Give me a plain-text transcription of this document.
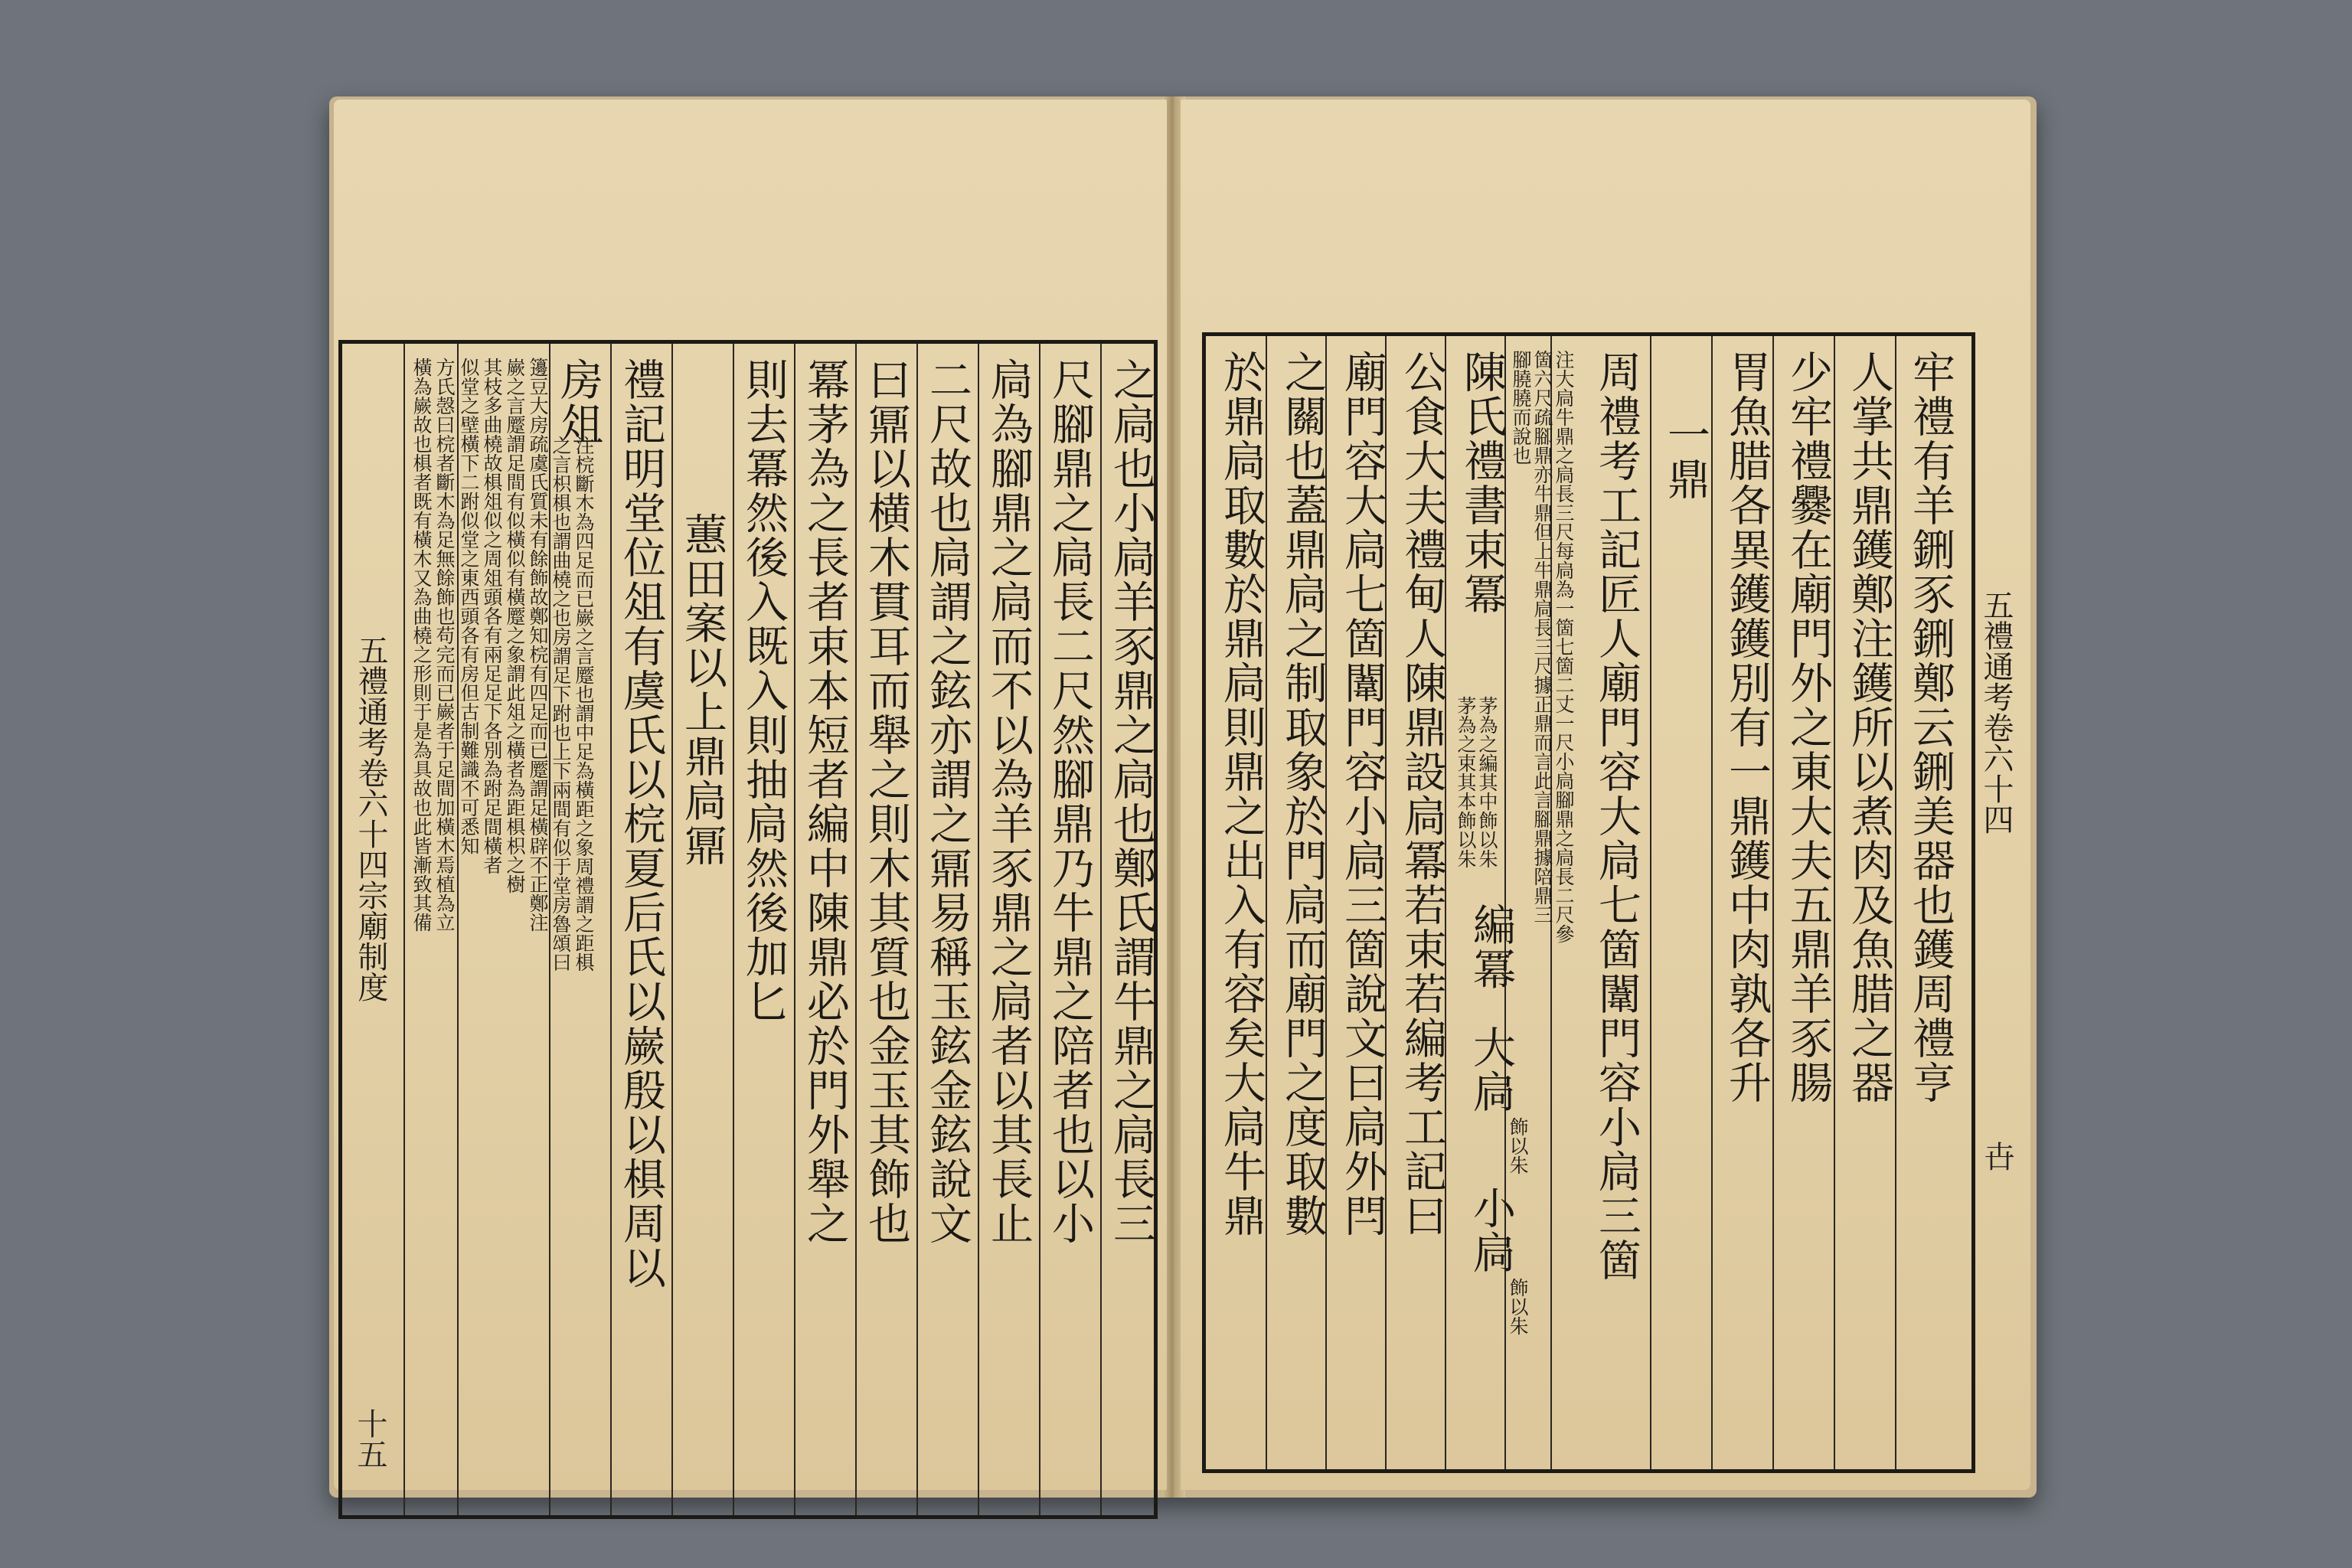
五禮通考卷六十四宗廟制度
十五
橫為嶡故也椇者既有橫木又為曲橈之形則于是為具故也此皆漸致其備 方氏愨曰梡者斷木為足無餘飾也苟完而已嶡者于足間加橫木焉植為立 似堂之壁橫下二跗似堂之東西頭各有房但古制難識不可悉知 其枝多曲橈故椇俎似之周俎頭各有兩足足下各別為跗足間橫者 嶡之言蹷謂足間有似橫似有橫蹷之象謂此俎之橫者為距椇枳之樹 籩豆大房疏虞氏質未有餘飾故鄭知梡有四足而已蹷謂足橫辟不正鄭注 之言枳椇也謂曲橈之也房謂足下跗也上下兩間有似于堂房魯頌曰 注梡斷木為四足而已嶡之言蹷也謂中足為橫距之象周禮謂之距椇
房俎 禮記明堂位俎有虞氏以梡夏后氏以嶡殷以椇周以 蕙田案以上鼎扃鼏 則去冪然後入既入則抽扃然後加匕 冪茅為之長者束本短者編中陳鼎必於門外舉之 曰鼏以横木貫耳而舉之則木其質也金玉其飾也 二尺故也扃謂之鉉亦謂之鼏易稱玉鉉金鉉說文 扃為腳鼎之扃而不以為羊豕鼎之扃者以其長止 尺腳鼎之扃長二尺然腳鼎乃牛鼎之陪者也以小 之扃也小扃羊豕鼎之扃也鄭氏謂牛鼎之扃長三 於鼎扃取數於鼎扃則鼎之出入有容矣大扃牛鼎 之關也蓋鼎扃之制取象於門扃而廟門之度取數 廟門容大扃七箇闈門容小扃三箇說文曰扃外閂 公食大夫禮甸人陳鼎設扃冪若束若編考工記曰 陳氏禮書束冪
茅為之束其本飾以朱 茅為之編其中飾以朱
編冪
大扃
飾以朱
小扃
飾以朱
腳膮膮而說也 箇六尺疏腳鼎亦牛鼎但上牛鼎扃長三尺據正鼎而言此言腳鼎據陪鼎三 注大扃牛鼎之扃長三尺每扃為一箇七箇二丈一尺小扃腳鼎之扃長二尺參 周禮考工記匠人廟門容大扃七箇闈門容小扃三箇 一鼎 胃魚腊各異鑊鑊別有一鼎鑊中肉孰各升 少牢禮爨在廟門外之東大夫五鼎羊豕腸 人掌共鼎鑊鄭注鑊所以煮肉及魚腊之器 牢禮有羊鉶豕鉶鄭云鉶美器也鑊周禮亨 五禮通考卷六十四
卋
